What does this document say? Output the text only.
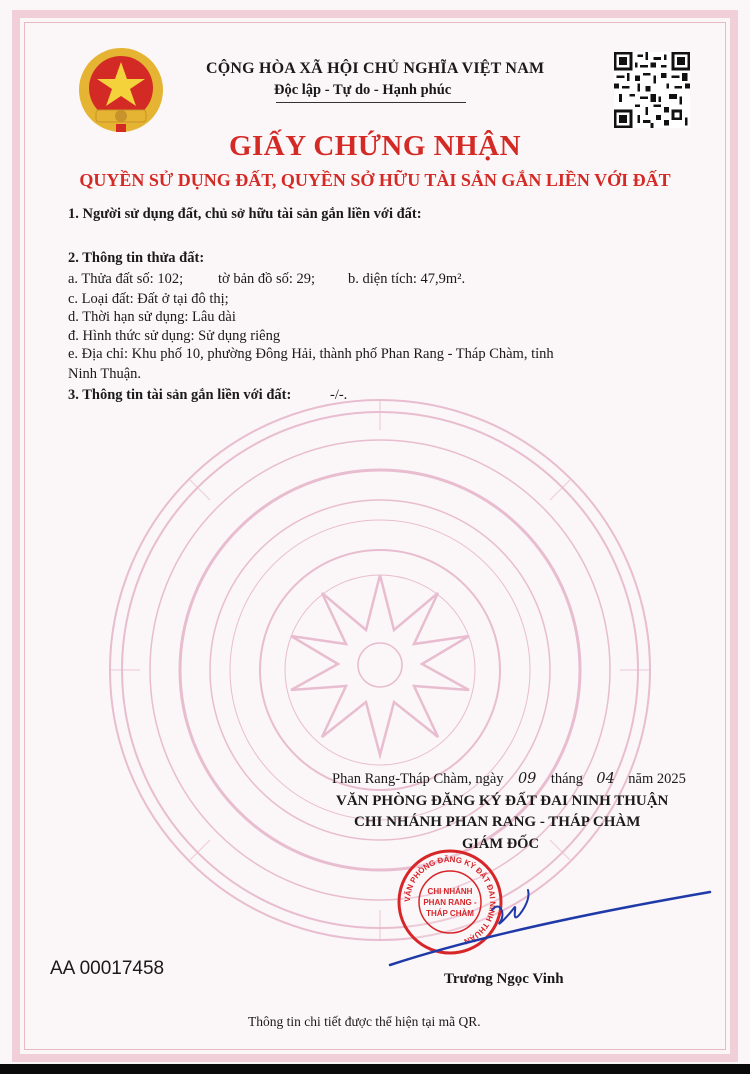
CỘNG HÒA XÃ HỘI CHỦ NGHĨA VIỆT NAM
Độc lập - Tự do - Hạnh phúc
GIẤY CHỨNG NHẬN
QUYỀN SỬ DỤNG ĐẤT, QUYỀN SỞ HỮU TÀI SẢN GẮN LIỀN VỚI ĐẤT
1. Người sử dụng đất, chủ sở hữu tài sản gắn liền với đất:
2. Thông tin thửa đất:
a. Thửa đất số: 102; tờ bản đồ số: 29; b. diện tích: 47,9m².
c. Loại đất: Đất ở tại đô thị;
d. Thời hạn sử dụng: Lâu dài
đ. Hình thức sử dụng: Sử dụng riêng
e. Địa chỉ: Khu phố 10, phường Đông Hải, thành phố Phan Rang - Tháp Chàm, tỉnh
Ninh Thuận.
3. Thông tin tài sản gắn liền với đất:	-/-.
Phan Rang-Tháp Chàm, ngày 09 tháng 04 năm 2025
VĂN PHÒNG ĐĂNG KÝ ĐẤT ĐAI NINH THUẬN
CHI NHÁNH PHAN RANG - THÁP CHÀM
GIÁM ĐỐC
VĂN PHÒNG ĐĂNG KÝ ĐẤT ĐAI NINH THUẬN
CHI NHÁNH
PHAN RANG -
THÁP CHÀM
Trương Ngọc Vinh
AA 00017458
Thông tin chi tiết được thể hiện tại mã QR.
